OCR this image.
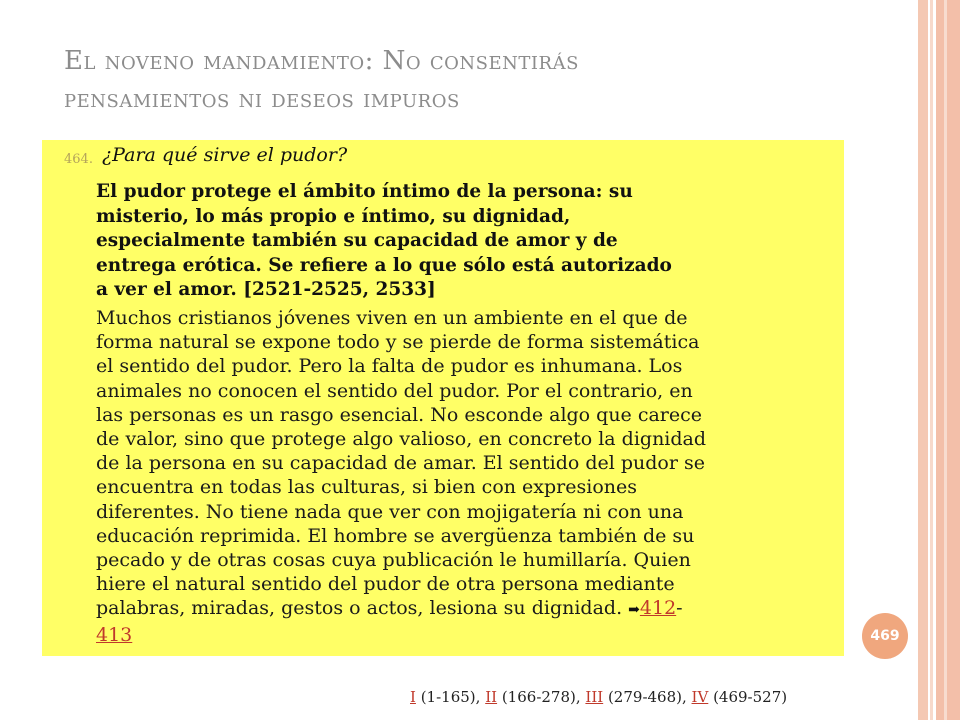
El noveno mandamiento: No consentirás
pensamientos ni deseos impuros
464. ¿Para qué sirve el pudor?
El pudor protege el ámbito íntimo de la persona: su
misterio, lo más propio e íntimo, su dignidad,
especialmente también su capacidad de amor y de
entrega erótica. Se refiere a lo que sólo está autorizado
a ver el amor. [2521-2525, 2533]
Muchos cristianos jóvenes viven en un ambiente en el que de
forma natural se expone todo y se pierde de forma sistemática
el sentido del pudor. Pero la falta de pudor es inhumana. Los
animales no conocen el sentido del pudor. Por el contrario, en
las personas es un rasgo esencial. No esconde algo que carece
de valor, sino que protege algo valioso, en concreto la dignidad
de la persona en su capacidad de amar. El sentido del pudor se
encuentra en todas las culturas, si bien con expresiones
diferentes. No tiene nada que ver con mojigatería ni con una
educación reprimida. El hombre se avergüenza también de su
pecado y de otras cosas cuya publicación le humillaría. Quien
hiere el natural sentido del pudor de otra persona mediante
palabras, miradas, gestos o actos, lesiona su dignidad. ➡412-
413	469
I (1-165), II (166-278), III (279-468), IV (469-527)
